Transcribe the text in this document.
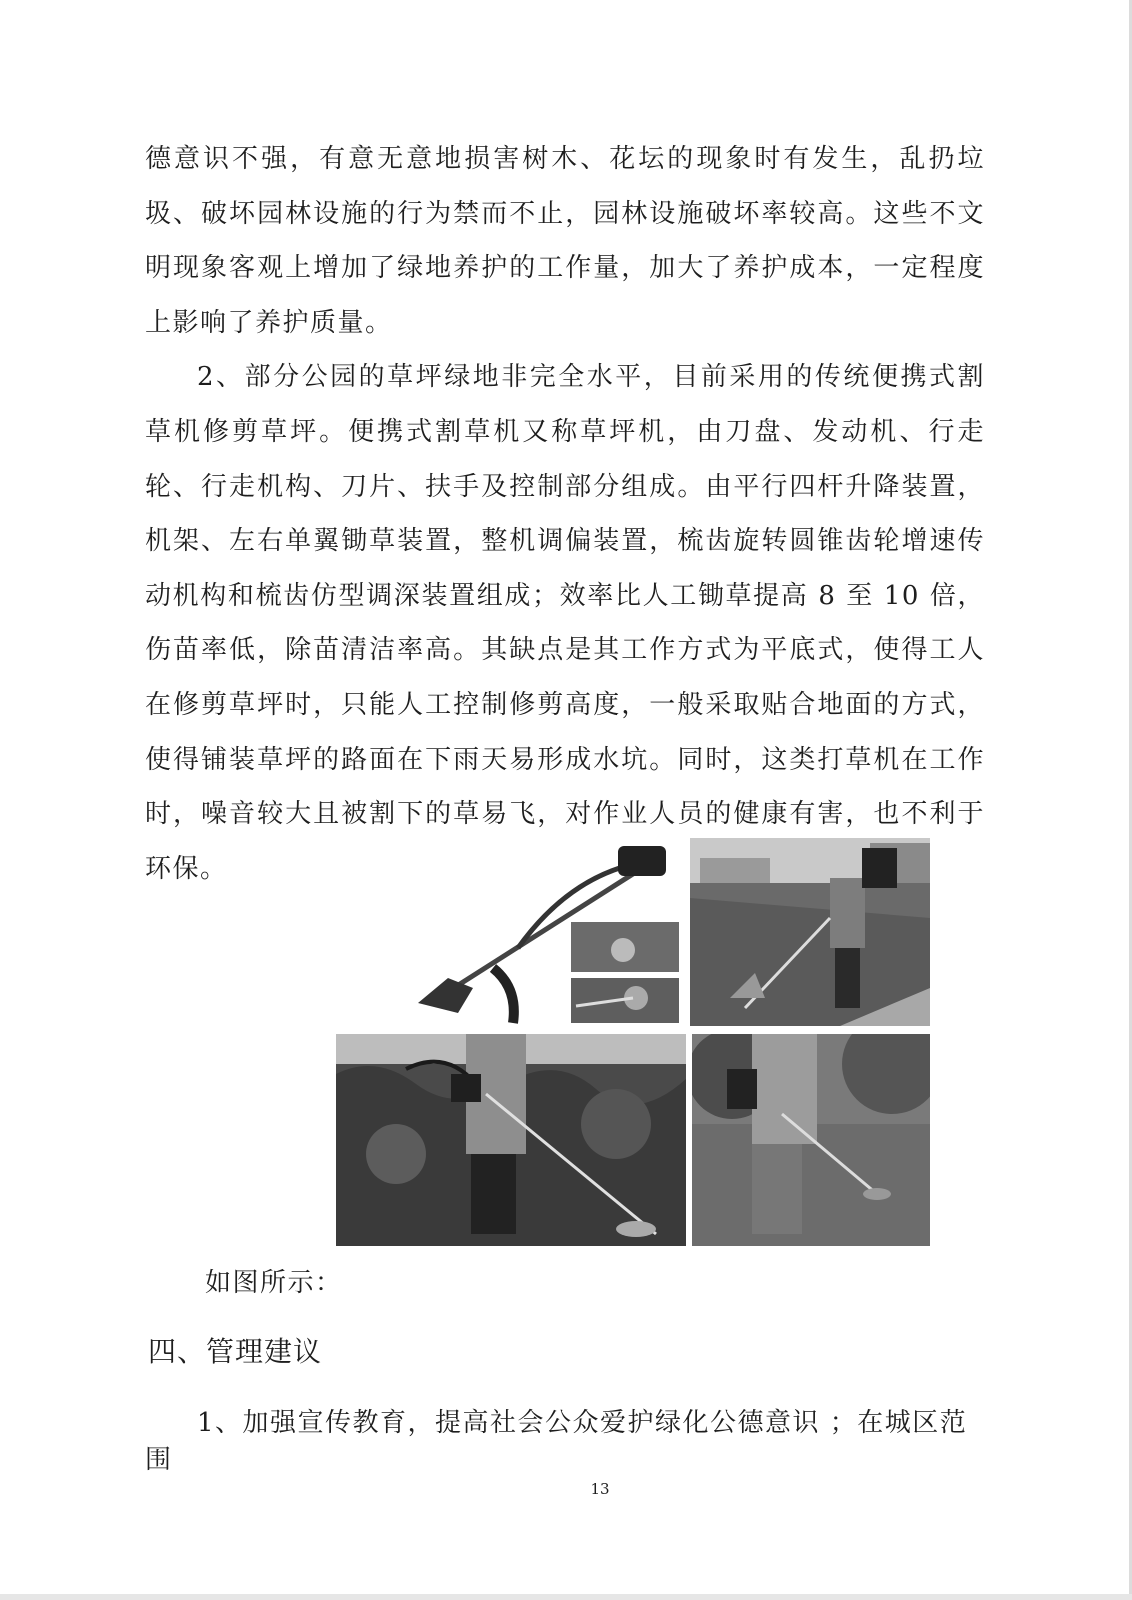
德意识不强，有意无意地损害树木、花坛的现象时有发生，乱扔垃圾、破坏园林设施的行为禁而不止，园林设施破坏率较高。这些不文明现象客观上增加了绿地养护的工作量，加大了养护成本，一定程度上影响了养护质量。

2、部分公园的草坪绿地非完全水平，目前采用的传统便携式割草机修剪草坪。便携式割草机又称草坪机，由刀盘、发动机、行走轮、行走机构、刀片、扶手及控制部分组成。由平行四杆升降装置，机架、左右单翼锄草装置，整机调偏装置，梳齿旋转圆锥齿轮增速传动机构和梳齿仿型调深装置组成；效率比人工锄草提高 8 至 10 倍，伤苗率低，除苗清洁率高。其缺点是其工作方式为平底式，使得工人在修剪草坪时，只能人工控制修剪高度，一般采取贴合地面的方式，使得铺装草坪的路面在下雨天易形成水坑。同时，这类打草机在工作时，噪音较大且被割下的草易飞，对作业人员的健康有害，也不利于环保。

如图所示：
四、管理建议
1、加强宣传教育，提高社会公众爱护绿化公德意识 ；在城区范围
13
